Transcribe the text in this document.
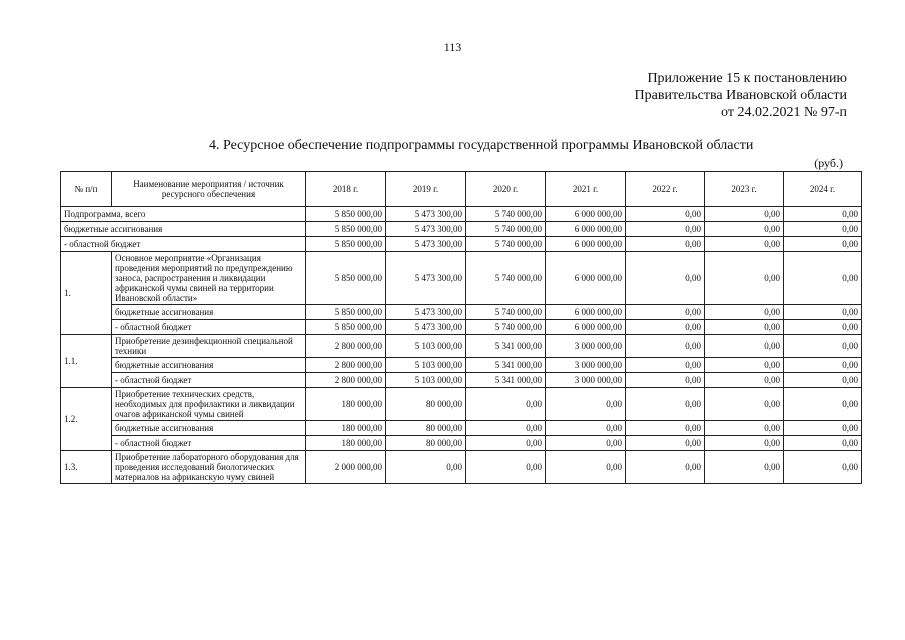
113
Приложение 15 к постановлению
Правительства Ивановской области
от 24.02.2021 № 97-п
4. Ресурсное обеспечение подпрограммы государственной программы Ивановской области
(руб.)
№ п/п	Наименование мероприятия / источник ресурсного обеспечения	2018 г.	2019 г.	2020 г.	2021 г.	2022 г.	2023 г.	2024 г.
Подпрограмма, всего		5 850 000,00	5 473 300,00	5 740 000,00	6 000 000,00	0,00	0,00	0,00
бюджетные ассигнования		5 850 000,00	5 473 300,00	5 740 000,00	6 000 000,00	0,00	0,00	0,00
- областной бюджет		5 850 000,00	5 473 300,00	5 740 000,00	6 000 000,00	0,00	0,00	0,00
1.	Основное мероприятие «Организация проведения мероприятий по предупреждению заноса, распространения и ликвидации африканской чумы свиней на территории Ивановской области»	5 850 000,00	5 473 300,00	5 740 000,00	6 000 000,00	0,00	0,00	0,00
	бюджетные ассигнования	5 850 000,00	5 473 300,00	5 740 000,00	6 000 000,00	0,00	0,00	0,00
	- областной бюджет	5 850 000,00	5 473 300,00	5 740 000,00	6 000 000,00	0,00	0,00	0,00
1.1.	Приобретение дезинфекционной специальной техники	2 800 000,00	5 103 000,00	5 341 000,00	3 000 000,00	0,00	0,00	0,00
	бюджетные ассигнования	2 800 000,00	5 103 000,00	5 341 000,00	3 000 000,00	0,00	0,00	0,00
	- областной бюджет	2 800 000,00	5 103 000,00	5 341 000,00	3 000 000,00	0,00	0,00	0,00
1.2.	Приобретение технических средств, необходимых для профилактики и ликвидации очагов африканской чумы свиней	180 000,00	80 000,00	0,00	0,00	0,00	0,00	0,00
	бюджетные ассигнования	180 000,00	80 000,00	0,00	0,00	0,00	0,00	0,00
	- областной бюджет	180 000,00	80 000,00	0,00	0,00	0,00	0,00	0,00
1.3.	Приобретение лабораторного оборудования для проведения исследований биологических материалов на африканскую чуму свиней	2 000 000,00	0,00	0,00	0,00	0,00	0,00	0,00
